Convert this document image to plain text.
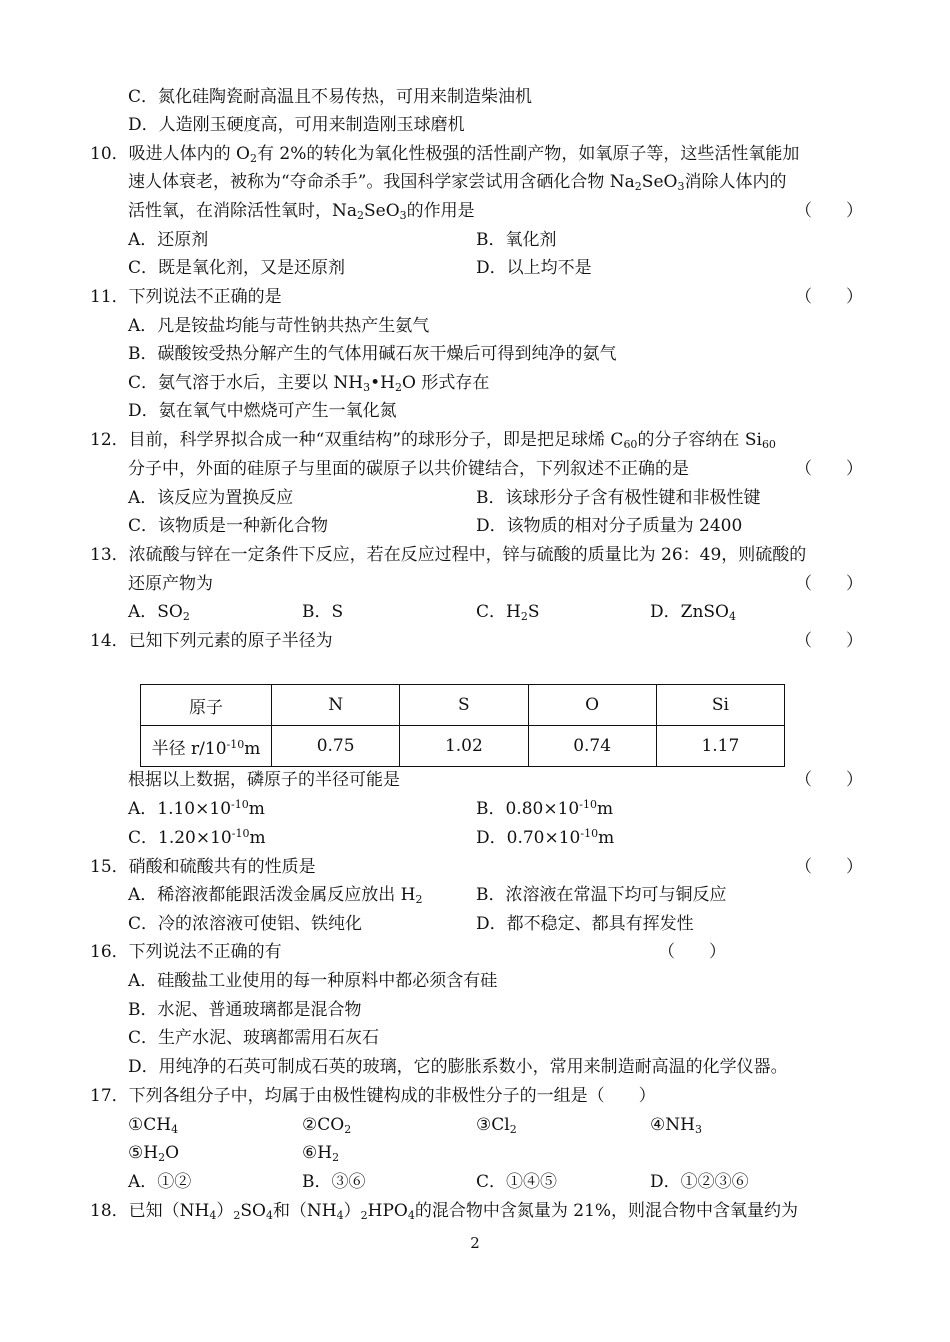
C．氮化硅陶瓷耐高温且不易传热，可用来制造柴油机
D．人造刚玉硬度高，可用来制造刚玉球磨机
10．吸进人体内的 $O_2$有 2%的转化为氧化性极强的活性副产物，如氧原子等，这些活性氧能加
速人体衰老，被称为“夺命杀手”。我国科学家尝试用含硒化合物 $Na_2SeO_3$消除人体内的
活性氧，在消除活性氧时，$Na_2SeO_3$的作用是	（　　）
A．还原剂	B．氧化剂
C．既是氧化剂，又是还原剂	D．以上均不是
11．下列说法不正确的是	（　　）
A．凡是铵盐均能与苛性钠共热产生氨气
B．碳酸铵受热分解产生的气体用碱石灰干燥后可得到纯净的氨气
C．氨气溶于水后，主要以 $NH_3•H_2O$ 形式存在
D．氨在氧气中燃烧可产生一氧化氮
12．目前，科学界拟合成一种“双重结构”的球形分子，即是把足球烯 $C_{60}$的分子容纳在 $Si_{60}$
分子中，外面的硅原子与里面的碳原子以共价键结合，下列叙述不正确的是	（　　）
A．该反应为置换反应	B．该球形分子含有极性键和非极性键
C．该物质是一种新化合物	D．该物质的相对分子质量为 2400
13．浓硫酸与锌在一定条件下反应，若在反应过程中，锌与硫酸的质量比为 26：49，则硫酸的
还原产物为	（　　）
A．$SO_2$	B．S	C．$H_2S$	D．ZnSO$_4$
14．已知下列元素的原子半径为	（　　）
原子	N	S	O	Si
半径 $r/10^{-10}m$	0.75	1.02	0.74	1.17
根据以上数据，磷原子的半径可能是	（　　）
A．$1.10\times 10^{-10}m$	B．$0.80\times 10^{-10}m$
C．$1.20\times 10^{-10}m$	D．$0.70\times 10^{-10}m$
15．硝酸和硫酸共有的性质是	（　　）
A．稀溶液都能跟活泼金属反应放出 $H_2$	B．浓溶液在常温下均可与铜反应
C．冷的浓溶液可使铝、铁纯化	D．都不稳定、都具有挥发性
16．下列说法不正确的有	（　　）
A．硅酸盐工业使用的每一种原料中都必须含有硅
B．水泥、普通玻璃都是混合物
C．生产水泥、玻璃都需用石灰石
D．用纯净的石英可制成石英的玻璃，它的膨胀系数小，常用来制造耐高温的化学仪器。
17．下列各组分子中，均属于由极性键构成的非极性分子的一组是（　　）
$①CH_4$	$②CO_2$	$③Cl_2$	$④NH_3$
$⑤H_2O$	$⑥H_2$
A．①②	B．③⑥	C．①④⑤	D．①②③⑥
18．已知$(NH_4)_2SO_4$和$(NH_4)_2HPO_4$的混合物中含氮量为 21%，则混合物中含氧量约为
2
